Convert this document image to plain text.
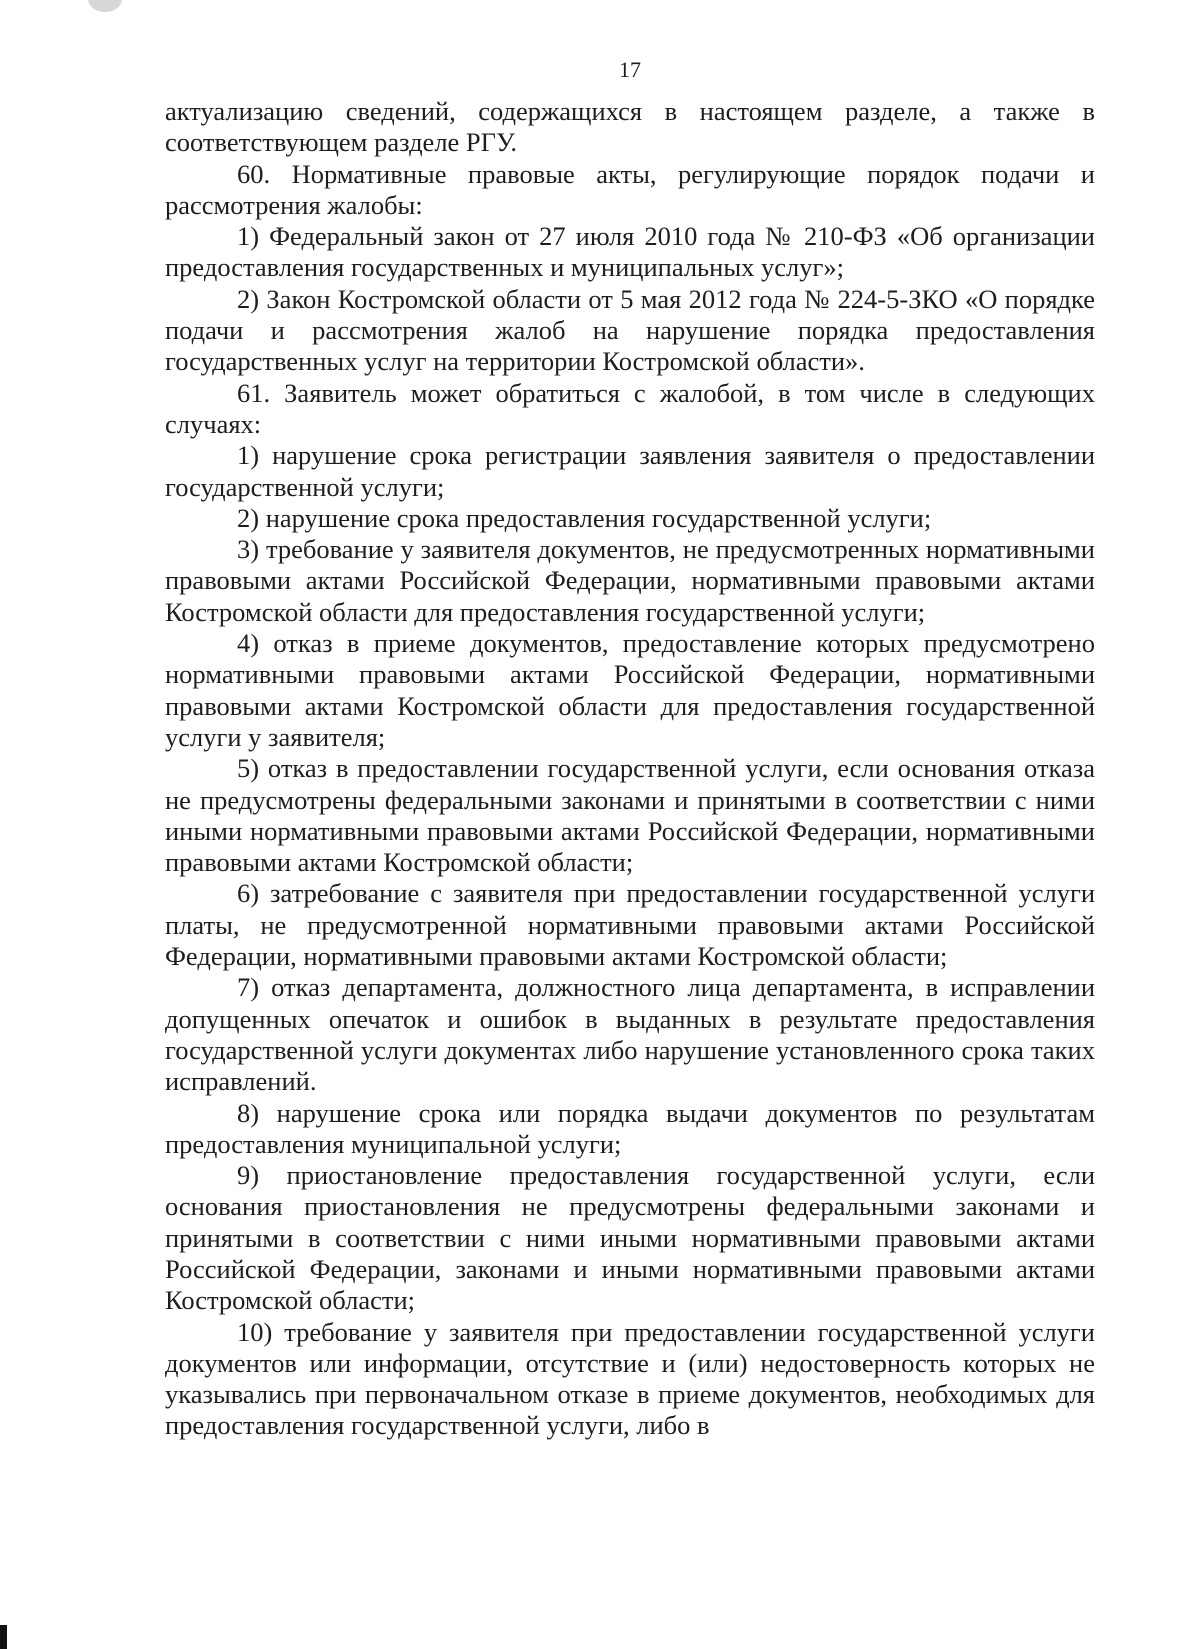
17

актуализацию сведений, содержащихся в настоящем разделе, а также в соответствующем разделе РГУ.

60. Нормативные правовые акты, регулирующие порядок подачи и рассмотрения жалобы:

1) Федеральный закон от 27 июля 2010 года № 210-ФЗ «Об организации предоставления государственных и муниципальных услуг»;

2) Закон Костромской области от 5 мая 2012 года № 224-5-ЗКО «О порядке подачи и рассмотрения жалоб на нарушение порядка предоставления государственных услуг на территории Костромской области».

61. Заявитель может обратиться с жалобой, в том числе в следующих случаях:

1) нарушение срока регистрации заявления заявителя о предоставлении государственной услуги;

2) нарушение срока предоставления государственной услуги;

3) требование у заявителя документов, не предусмотренных нормативными правовыми актами Российской Федерации, нормативными правовыми актами Костромской области для предоставления государственной услуги;

4) отказ в приеме документов, предоставление которых предусмотрено нормативными правовыми актами Российской Федерации, нормативными правовыми актами Костромской области для предоставления государственной услуги у заявителя;

5) отказ в предоставлении государственной услуги, если основания отказа не предусмотрены федеральными законами и принятыми в соответствии с ними иными нормативными правовыми актами Российской Федерации, нормативными правовыми актами Костромской области;

6) затребование с заявителя при предоставлении государственной услуги платы, не предусмотренной нормативными правовыми актами Российской Федерации, нормативными правовыми актами Костромской области;

7) отказ департамента, должностного лица департамента, в исправлении допущенных опечаток и ошибок в выданных в результате предоставления государственной услуги документах либо нарушение установленного срока таких исправлений.

8) нарушение срока или порядка выдачи документов по результатам предоставления муниципальной услуги;

9) приостановление предоставления государственной услуги, если основания приостановления не предусмотрены федеральными законами и принятыми в соответствии с ними иными нормативными правовыми актами Российской Федерации, законами и иными нормативными правовыми актами Костромской области;

10) требование у заявителя при предоставлении государственной услуги документов или информации, отсутствие и (или) недостоверность которых не указывались при первоначальном отказе в приеме документов, необходимых для предоставления государственной услуги, либо в
